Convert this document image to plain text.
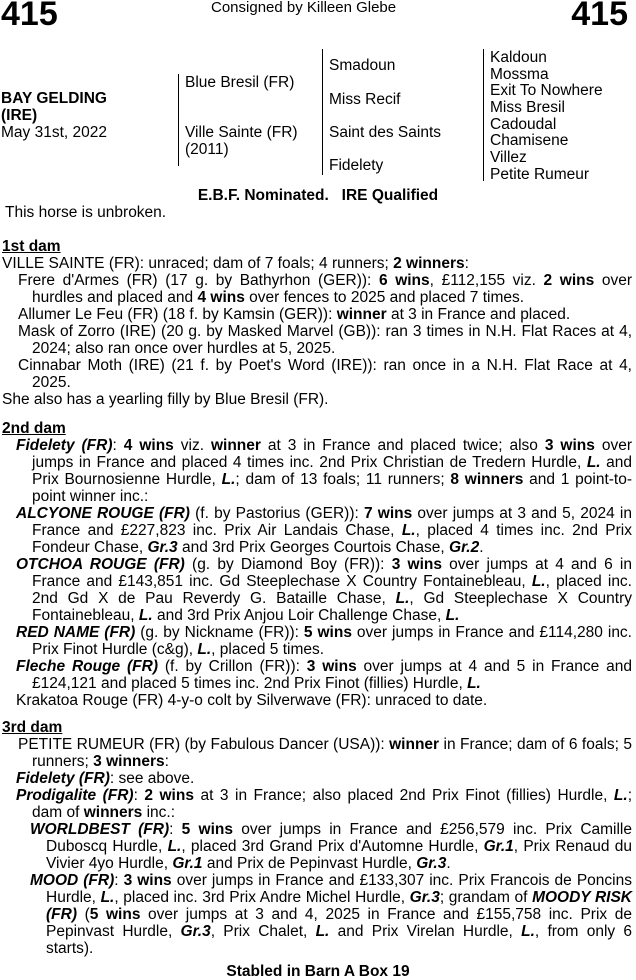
415	Consigned by Killeen Glebe	415
BAY GELDING
(IRE)
May 31st, 2022
Blue Bresil (FR)
Ville Sainte (FR)
(2011)
Smadoun
Miss Recif
Saint des Saints
Fidelety
Kaldoun
Mossma
Exit To Nowhere
Miss Bresil
Cadoudal
Chamisene
Villez
Petite Rumeur
E.B.F. Nominated. IRE Qualified
This horse is unbroken.

1st dam

VILLE SAINTE (FR): unraced; dam of 7 foals; 4 runners; 2 winners:

Frere d'Armes (FR) (17 g. by Bathyrhon (GER)): 6 wins, £112,155 viz. 2 wins over hurdles and placed and 4 wins over fences to 2025 and placed 7 times.

Allumer Le Feu (FR) (18 f. by Kamsin (GER)): winner at 3 in France and placed.

Mask of Zorro (IRE) (20 g. by Masked Marvel (GB)): ran 3 times in N.H. Flat Races at 4, 2024; also ran once over hurdles at 5, 2025.

Cinnabar Moth (IRE) (21 f. by Poet's Word (IRE)): ran once in a N.H. Flat Race at 4, 2025.

She also has a yearling filly by Blue Bresil (FR).

2nd dam

Fidelety (FR): 4 wins viz. winner at 3 in France and placed twice; also 3 wins over jumps in France and placed 4 times inc. 2nd Prix Christian de Tredern Hurdle, L. and Prix Bournosienne Hurdle, L.; dam of 13 foals; 11 runners; 8 winners and 1 point-to-point winner inc.:

ALCYONE ROUGE (FR) (f. by Pastorius (GER)): 7 wins over jumps at 3 and 5, 2024 in France and £227,823 inc. Prix Air Landais Chase, L., placed 4 times inc. 2nd Prix Fondeur Chase, Gr.3 and 3rd Prix Georges Courtois Chase, Gr.2.

OTCHOA ROUGE (FR) (g. by Diamond Boy (FR)): 3 wins over jumps at 4 and 6 in France and £143,851 inc. Gd Steeplechase X Country Fontainebleau, L., placed inc. 2nd Gd X de Pau Reverdy G. Bataille Chase, L., Gd Steeplechase X Country Fontainebleau, L. and 3rd Prix Anjou Loir Challenge Chase, L.

RED NAME (FR) (g. by Nickname (FR)): 5 wins over jumps in France and £114,280 inc. Prix Finot Hurdle (c&g), L., placed 5 times.

Fleche Rouge (FR) (f. by Crillon (FR)): 3 wins over jumps at 4 and 5 in France and £124,121 and placed 5 times inc. 2nd Prix Finot (fillies) Hurdle, L.

Krakatoa Rouge (FR) 4-y-o colt by Silverwave (FR): unraced to date.

3rd dam

PETITE RUMEUR (FR) (by Fabulous Dancer (USA)): winner in France; dam of 6 foals; 5 runners; 3 winners:

Fidelety (FR): see above.

Prodigalite (FR): 2 wins at 3 in France; also placed 2nd Prix Finot (fillies) Hurdle, L.; dam of winners inc.:

WORLDBEST (FR): 5 wins over jumps in France and £256,579 inc. Prix Camille Duboscq Hurdle, L., placed 3rd Grand Prix d'Automne Hurdle, Gr.1, Prix Renaud du Vivier 4yo Hurdle, Gr.1 and Prix de Pepinvast Hurdle, Gr.3.

MOOD (FR): 3 wins over jumps in France and £133,307 inc. Prix Francois de Poncins Hurdle, L., placed inc. 3rd Prix Andre Michel Hurdle, Gr.3; grandam of MOODY RISK (FR) (5 wins over jumps at 3 and 4, 2025 in France and £155,758 inc. Prix de Pepinvast Hurdle, Gr.3, Prix Chalet, L. and Prix Virelan Hurdle, L., from only 6 starts).

Stabled in Barn A Box 19
